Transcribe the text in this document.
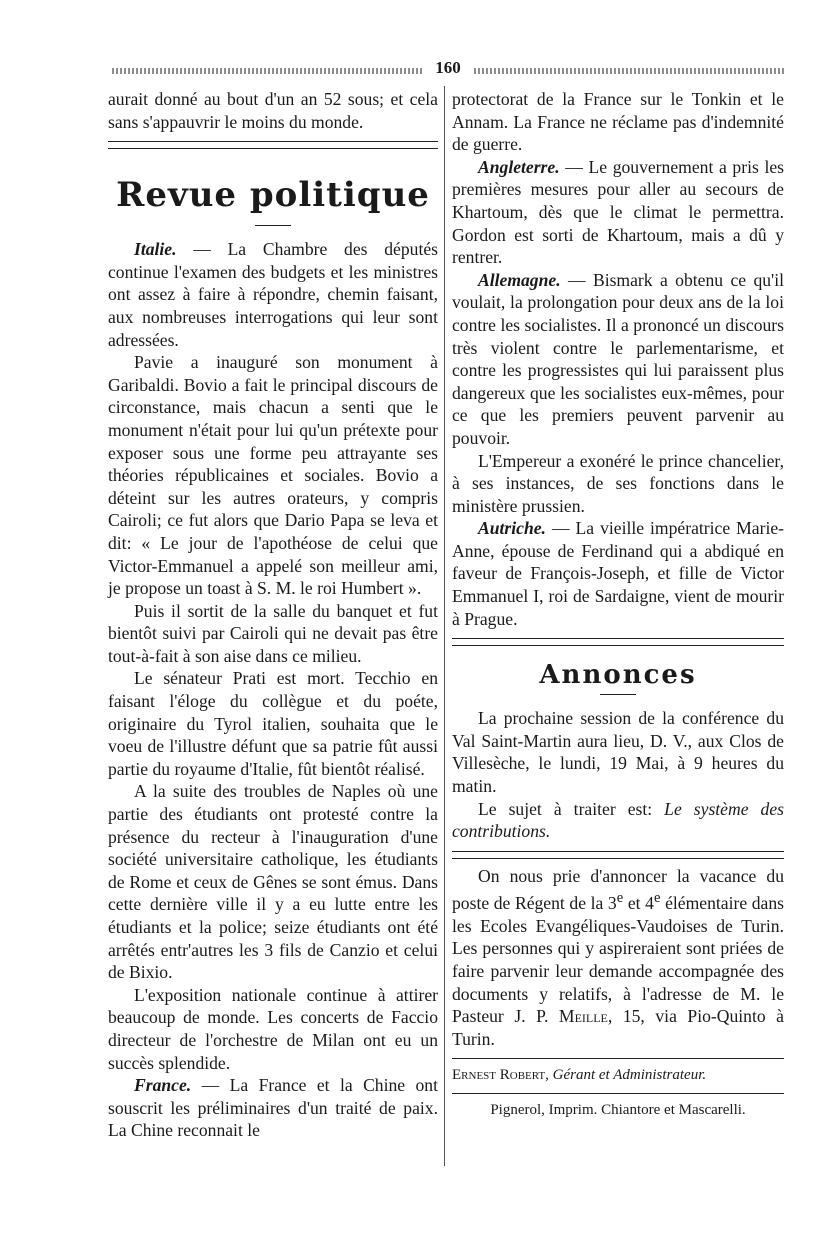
160

aurait donné au bout d'un an 52 sous; et cela sans s'appauvrir le moins du monde.

Revue politique

Italie. — La Chambre des députés continue l'examen des budgets et les ministres ont assez à faire à répondre, chemin faisant, aux nombreuses interrogations qui leur sont adressées.

Pavie a inauguré son monument à Garibaldi. Bovio a fait le principal discours de circonstance, mais chacun a senti que le monument n'était pour lui qu'un prétexte pour exposer sous une forme peu attrayante ses théories républicaines et sociales. Bovio a déteint sur les autres orateurs, y compris Cairoli; ce fut alors que Dario Papa se leva et dit: « Le jour de l'apothéose de celui que Victor-Emmanuel a appelé son meilleur ami, je propose un toast à S. M. le roi Humbert ».

Puis il sortit de la salle du banquet et fut bientôt suivi par Cairoli qui ne devait pas être tout-à-fait à son aise dans ce milieu.

Le sénateur Prati est mort. Tecchio en faisant l'éloge du collègue et du poéte, originaire du Tyrol italien, souhaita que le voeu de l'illustre défunt que sa patrie fût aussi partie du royaume d'Italie, fût bientôt réalisé.

A la suite des troubles de Naples où une partie des étudiants ont protesté contre la présence du recteur à l'inauguration d'une société universitaire catholique, les étudiants de Rome et ceux de Gênes se sont émus. Dans cette dernière ville il y a eu lutte entre les étudiants et la police; seize étudiants ont été arrêtés entr'autres les 3 fils de Canzio et celui de Bixio.

L'exposition nationale continue à attirer beaucoup de monde. Les concerts de Faccio directeur de l'orchestre de Milan ont eu un succès splendide.

France. — La France et la Chine ont souscrit les préliminaires d'un traité de paix. La Chine reconnait le

protectorat de la France sur le Tonkin et le Annam. La France ne réclame pas d'indemnité de guerre.

Angleterre. — Le gouvernement a pris les premières mesures pour aller au secours de Khartoum, dès que le climat le permettra. Gordon est sorti de Khartoum, mais a dû y rentrer.

Allemagne. — Bismark a obtenu ce qu'il voulait, la prolongation pour deux ans de la loi contre les socialistes. Il a prononcé un discours très violent contre le parlementarisme, et contre les progressistes qui lui paraissent plus dangereux que les socialistes eux-mêmes, pour ce que les premiers peuvent parvenir au pouvoir.

L'Empereur a exonéré le prince chancelier, à ses instances, de ses fonctions dans le ministère prussien.

Autriche. — La vieille impératrice Marie-Anne, épouse de Ferdinand qui a abdiqué en faveur de François-Joseph, et fille de Victor Emmanuel I, roi de Sardaigne, vient de mourir à Prague.

Annonces

La prochaine session de la conférence du Val Saint-Martin aura lieu, D. V., aux Clos de Villesèche, le lundi, 19 Mai, à 9 heures du matin.

Le sujet à traiter est: Le système des contributions.

On nous prie d'annoncer la vacance du poste de Régent de la 3e et 4e élémentaire dans les Ecoles Evangéliques-Vaudoises de Turin. Les personnes qui y aspireraient sont priées de faire parvenir leur demande accompagnée des documents y relatifs, à l'adresse de M. le Pasteur J. P. Meille, 15, via Pio-Quinto à Turin.

Ernest Robert, Gérant et Administrateur.
Pignerol, Imprim. Chiantore et Mascarelli.
